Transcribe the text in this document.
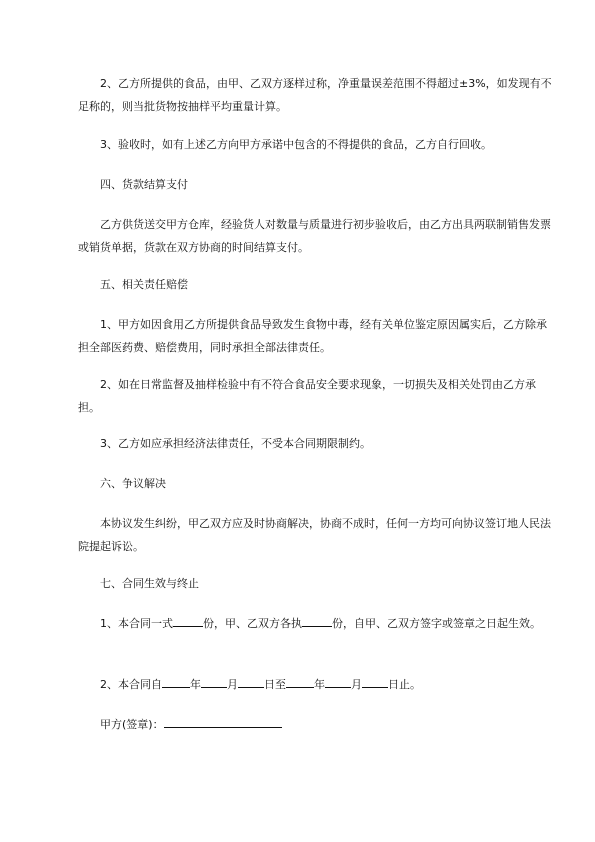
2、乙方所提供的食品，由甲、乙双方逐样过称，净重量误差范围不得超过±3%，如发现有不足称的，则当批货物按抽样平均重量计算。

3、验收时，如有上述乙方向甲方承诺中包含的不得提供的食品，乙方自行回收。

四、货款结算支付

乙方供货送交甲方仓库，经验货人对数量与质量进行初步验收后，由乙方出具两联制销售发票或销货单据，货款在双方协商的时间结算支付。

五、相关责任赔偿

1、甲方如因食用乙方所提供食品导致发生食物中毒，经有关单位鉴定原因属实后，乙方除承担全部医药费、赔偿费用，同时承担全部法律责任。

2、如在日常监督及抽样检验中有不符合食品安全要求现象，一切损失及相关处罚由乙方承担。

3、乙方如应承担经济法律责任，不受本合同期限制约。

六、争议解决

本协议发生纠纷，甲乙双方应及时协商解决，协商不成时，任何一方均可向协议签订地人民法院提起诉讼。

七、合同生效与终止

1、本合同一式	份，甲、乙双方各执	份，自甲、乙双方签字或签章之日起生效。

2、本合同自	年 月 日至	年 月 日止。

甲方(签章)：
